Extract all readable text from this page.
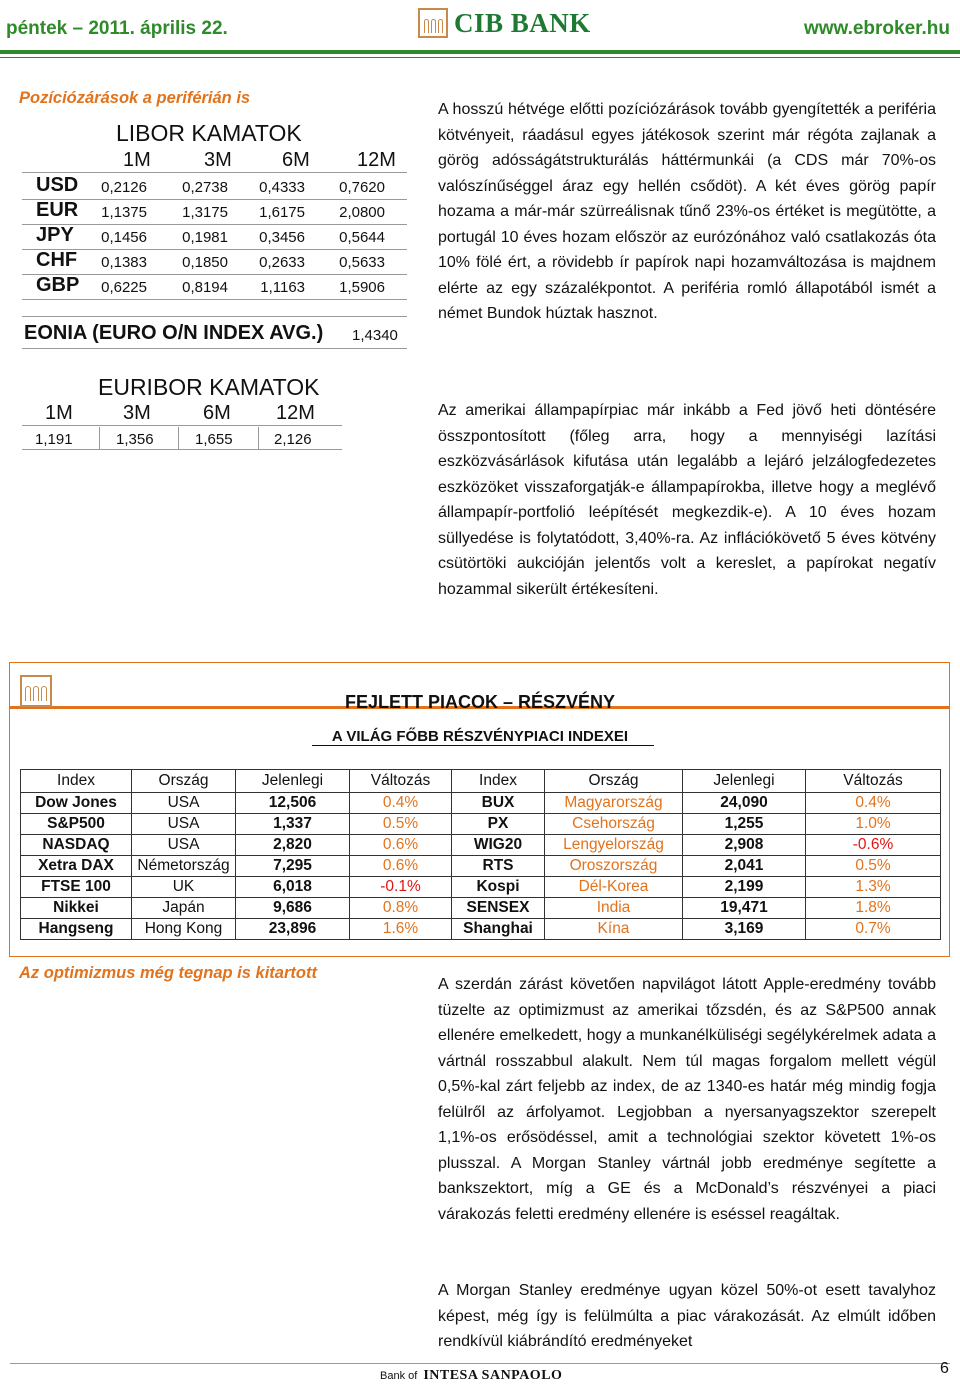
péntek – 2011. április 22.	CIB BANK	www.ebroker.hu
Pozíciózárások a periférián is
LIBOR KAMATOK
1M	3M	6M 12M
USD	0,2126	0,2738	0,4333	0,7620
EUR	1,1375	1,3175	1,6175	2,0800
JPY	0,1456	0,1981	0,3456	0,5644
CHF	0,1383	0,1850	0,2633	0,5633
GBP	0,6225	0,8194	1,1163	1,5906
EONIA (EURO O/N INDEX AVG.) 1,4340
EURIBOR KAMATOK
1M	3M	6M 12M
1,191	1,356	1,655	2,126
A hosszú hétvége előtti pozíciózárások tovább gyengítették a periféria kötvényeit, ráadásul egyes játékosok szerint már régóta zajlanak a görög adósságátstrukturálás háttérmunkái (a CDS már 70%-os valószínűséggel áraz egy hellén csődöt). A két éves görög papír hozama a már-már szürreálisnak tűnő 23%-os értéket is megütötte, a portugál 10 éves hozam először az eurózónához való csatlakozás óta 10% fölé ért, a rövidebb ír papírok napi hozamváltozása is majdnem elérte az egy százalékpontot. A periféria romló állapotából ismét a német Bundok húztak hasznot.
Az amerikai állampapírpiac már inkább a Fed jövő heti döntésére összpontosított (főleg arra, hogy a mennyiségi lazítási eszközvásárlások kifutása után legalább a lejáró jelzálogfedezetes eszközöket visszaforgatják-e állampapírokba, illetve hogy a meglévő állampapír-portfolió leépítését megkezdik-e). A 10 éves hozam süllyedése is folytatódott, 3,40%-ra. Az inflációkövető 5 éves kötvény csütörtöki aukcióján jelentős volt a kereslet, a papírokat negatív hozammal sikerült értékesíteni.
FEJLETT PIACOK – RÉSZVÉNY
A VILÁG FŐBB RÉSZVÉNYPIACI INDEXEI
Fejlett piacok	Fejlődő piacok
Index	Ország	Jelenlegi	Változás	Index	Ország	Jelenlegi	Változás
Dow Jones	USA	12,506	0.4%	BUX	Magyarország	24,090	0.4%
S&P500	USA	1,337	0.5%	PX	Csehország	1,255	1.0%
NASDAQ	USA	2,820	0.6%	WIG20	Lengyelország	2,908	-0.6%
Xetra DAX	Németország	7,295	0.6%	RTS	Oroszország	2,041	0.5%
FTSE 100	UK	6,018	-0.1%	Kospi	Dél-Korea	2,199	1.3%
Nikkei	Japán	9,686	0.8%	SENSEX	India	19,471	1.8%
Hangseng	Hong Kong	23,896	1.6%	Shanghai	Kína	3,169	0.7%
Az optimizmus még tegnap is kitartott
A szerdán zárást követően napvilágot látott Apple-eredmény tovább tüzelte az optimizmust az amerikai tőzsdén, és az S&P500 annak ellenére emelkedett, hogy a munkanélküliségi segélykérelmek adata a vártnál rosszabbul alakult. Nem túl magas forgalom mellett végül 0,5%-kal zárt feljebb az index, de az 1340-es határ még mindig fogja felülről az árfolyamot. Legjobban a nyersanyagszektor szerepelt 1,1%-os erősödéssel, amit a technológiai szektor követett 1%-os plusszal. A Morgan Stanley vártnál jobb eredménye segítette a bankszektort, míg a GE és a McDonald’s részvényei a piaci várakozás feletti eredmény ellenére is eséssel reagáltak.
A Morgan Stanley eredménye ugyan közel 50%-ot esett tavalyhoz képest, még így is felülmúlta a piac várakozását. Az elmúlt időben rendkívül kiábrándító eredményeket
Bank of INTESA SANPAOLO	6
